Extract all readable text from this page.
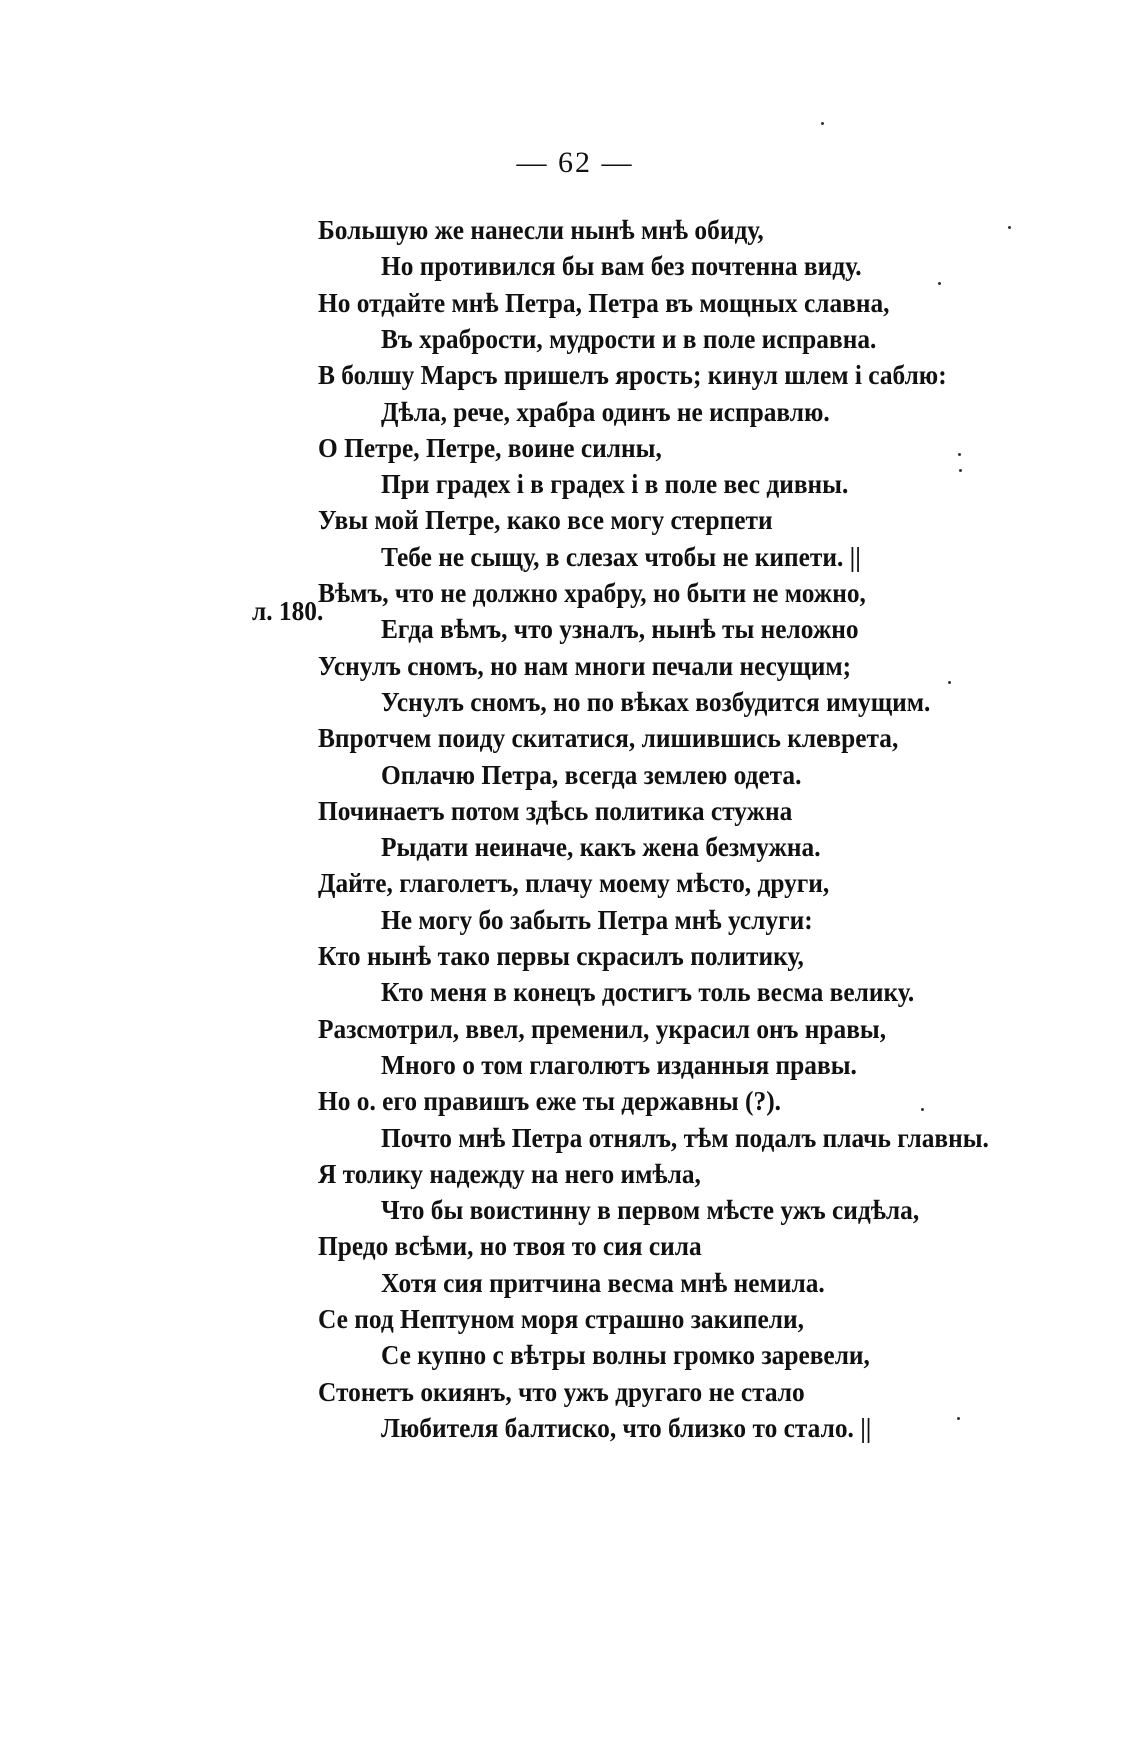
— 62 —
Большую же нанесли нынѣ мнѣ обиду,
Но противился бы вам без почтенна виду.
Но отдайте мнѣ Петра, Петра въ мощных славна,
Въ храбрости, мудрости и в поле исправна.
В болшу Марсъ пришелъ ярость; кинул шлем і саблю:
Дѣла, рече, храбра одинъ не исправлю.
О Петре, Петре, воине силны,
При градех і в градех і в поле вес дивны.
Увы мой Петре, како все могу стерпети
Тебе не сыщу, в слезах чтобы не кипети. ||
Вѣмъ, что не должно храбру, но быти не можно,
Егда вѣмъ, что узналъ, нынѣ ты неложно
Уснулъ сномъ, но нам многи печали несущим;
Уснулъ сномъ, но по вѣках возбудится имущим.
Впротчем поиду скитатися, лишившись клеврета,
Оплачю Петра, всегда землею одета.
Починаетъ потом здѣсь политика стужна
Рыдати неиначе, какъ жена безмужна.
Дайте, глаголетъ, плачу моему мѣсто, други,
Не могу бо забыть Петра мнѣ услуги:
Кто нынѣ тако первы скрасилъ политику,
Кто меня в конецъ достигъ толь весма велику.
Разсмотрил, ввел, пременил, украсил онъ нравы,
Много о том глаголютъ изданныя правы.
Но о. его правишъ еже ты державны (?).
Почто мнѣ Петра отнялъ, тѣм подалъ плачь главны.
Я толику надежду на него имѣла,
Что бы воистинну в первом мѣсте ужъ сидѣла,
Предо всѣми, но твоя то сия сила
Хотя сия притчина весма мнѣ немила.
Се под Нептуном моря страшно закипели,
Се купно с вѣтры волны громко заревели,
Стонетъ окиянъ, что ужъ другаго не стало
Любителя балтиско, что близко то стало. ||
л. 180.
